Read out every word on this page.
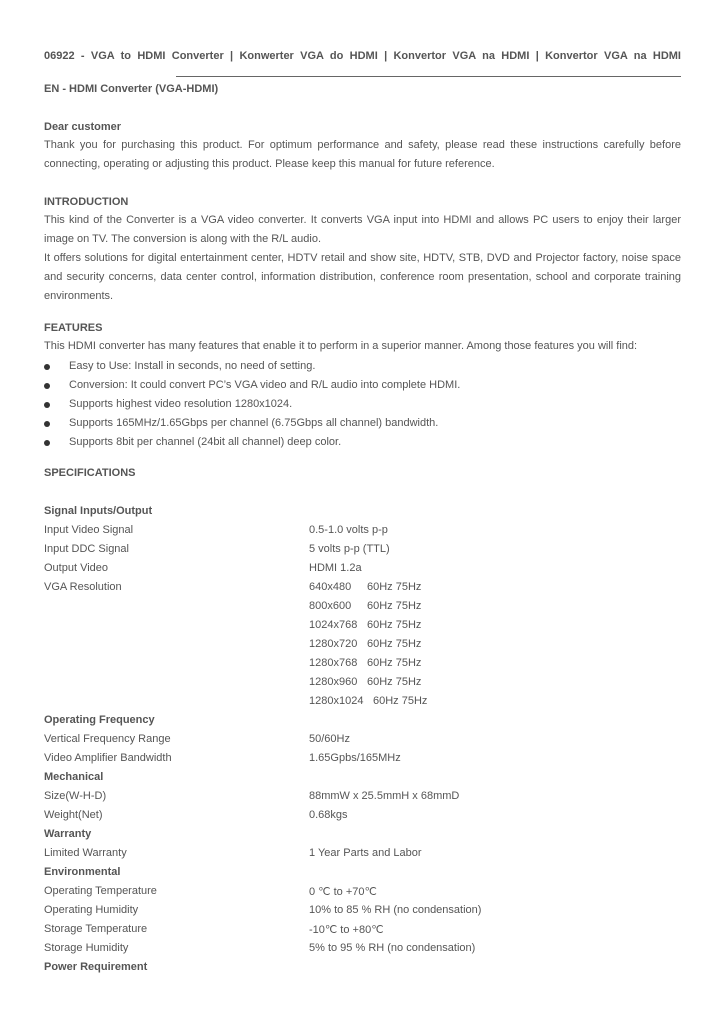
06922 - VGA to HDMI Converter | Konwerter VGA do HDMI | Konvertor VGA na HDMI | Konvertor VGA na HDMI
EN - HDMI Converter (VGA-HDMI)
Dear customer
Thank you for purchasing this product. For optimum performance and safety, please read these instructions carefully before connecting, operating or adjusting this product. Please keep this manual for future reference.
INTRODUCTION
This kind of the Converter is a VGA video converter. It converts VGA input into HDMI and allows PC users to enjoy their larger image on TV. The conversion is along with the R/L audio.
It offers solutions for digital entertainment center, HDTV retail and show site, HDTV, STB, DVD and Projector factory, noise space and security concerns, data center control, information distribution, conference room presentation, school and corporate training environments.
FEATURES
This HDMI converter has many features that enable it to perform in a superior manner. Among those features you will find:
Easy to Use: Install in seconds, no need of setting.
Conversion: It could convert PC’s VGA video and R/L audio into complete HDMI.
Supports highest video resolution 1280x1024.
Supports 165MHz/1.65Gbps per channel (6.75Gbps all channel) bandwidth.
Supports 8bit per channel (24bit all channel) deep color.
SPECIFICATIONS
Signal Inputs/Output
Input Video Signal	0.5-1.0 volts p-p
Input DDC Signal	5 volts p-p (TTL)
Output Video	HDMI 1.2a
VGA Resolution	640x480 60Hz 75Hz
800x600 60Hz 75Hz
1024x768 60Hz 75Hz
1280x720 60Hz 75Hz
1280x768 60Hz 75Hz
1280x960 60Hz 75Hz
1280x1024 60Hz 75Hz
Operating Frequency
Vertical Frequency Range	50/60Hz
Video Amplifier Bandwidth	1.65Gpbs/165MHz
Mechanical
Size(W-H-D)	88mmW x 25.5mmH x 68mmD
Weight(Net)	0.68kgs
Warranty
Limited Warranty	1 Year Parts and Labor
Environmental
Operating Temperature	0 ℃ to +70℃
Operating Humidity	10% to 85 % RH (no condensation)
Storage Temperature	-10℃ to +80℃
Storage Humidity	5% to 95 % RH (no condensation)
Power Requirement
